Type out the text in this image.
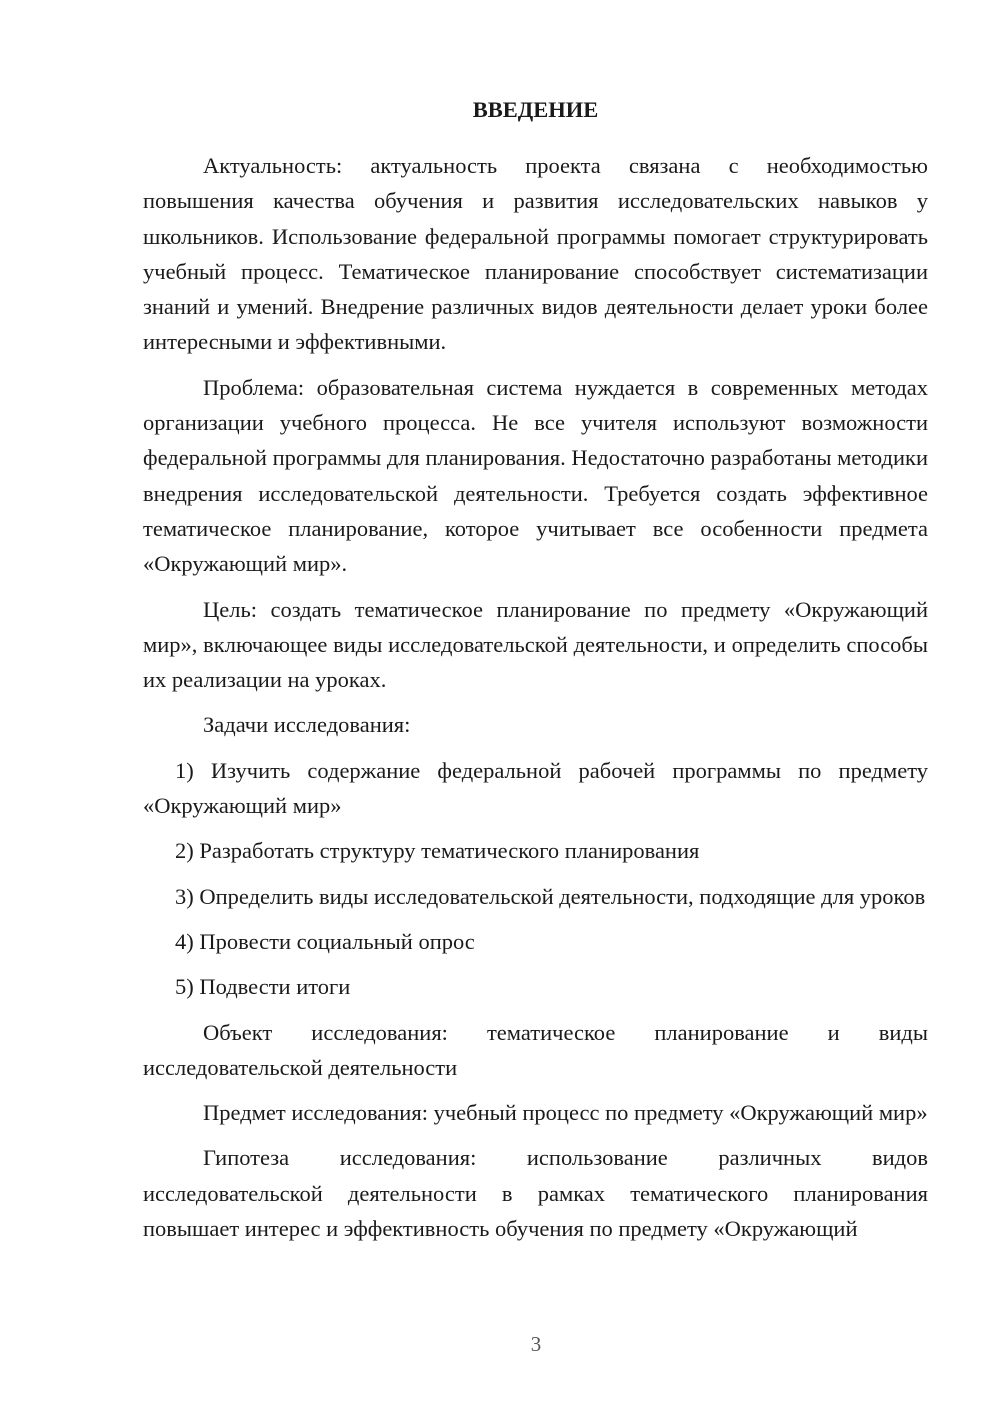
ВВЕДЕНИЕ

Актуальность: актуальность проекта связана с необходимостью повышения качества обучения и развития исследовательских навыков у школьников. Использование федеральной программы помогает структурировать учебный процесс. Тематическое планирование способствует систематизации знаний и умений. Внедрение различных видов деятельности делает уроки более интересными и эффективными.

Проблема: образовательная система нуждается в современных методах организации учебного процесса. Не все учителя используют возможности федеральной программы для планирования. Недостаточно разработаны методики внедрения исследовательской деятельности. Требуется создать эффективное тематическое планирование, которое учитывает все особенности предмета «Окружающий мир».

Цель: создать тематическое планирование по предмету «Окружающий мир», включающее виды исследовательской деятельности, и определить способы их реализации на уроках.

Задачи исследования:

1) Изучить содержание федеральной рабочей программы по предмету «Окружающий мир»

2) Разработать структуру тематического планирования

3) Определить виды исследовательской деятельности, подходящие для уроков

4) Провести социальный опрос

5) Подвести итоги

Объект исследования: тематическое планирование и виды исследовательской деятельности

Предмет исследования: учебный процесс по предмету «Окружающий мир»

Гипотеза исследования: использование различных видов исследовательской деятельности в рамках тематического планирования повышает интерес и эффективность обучения по предмету «Окружающий

3
